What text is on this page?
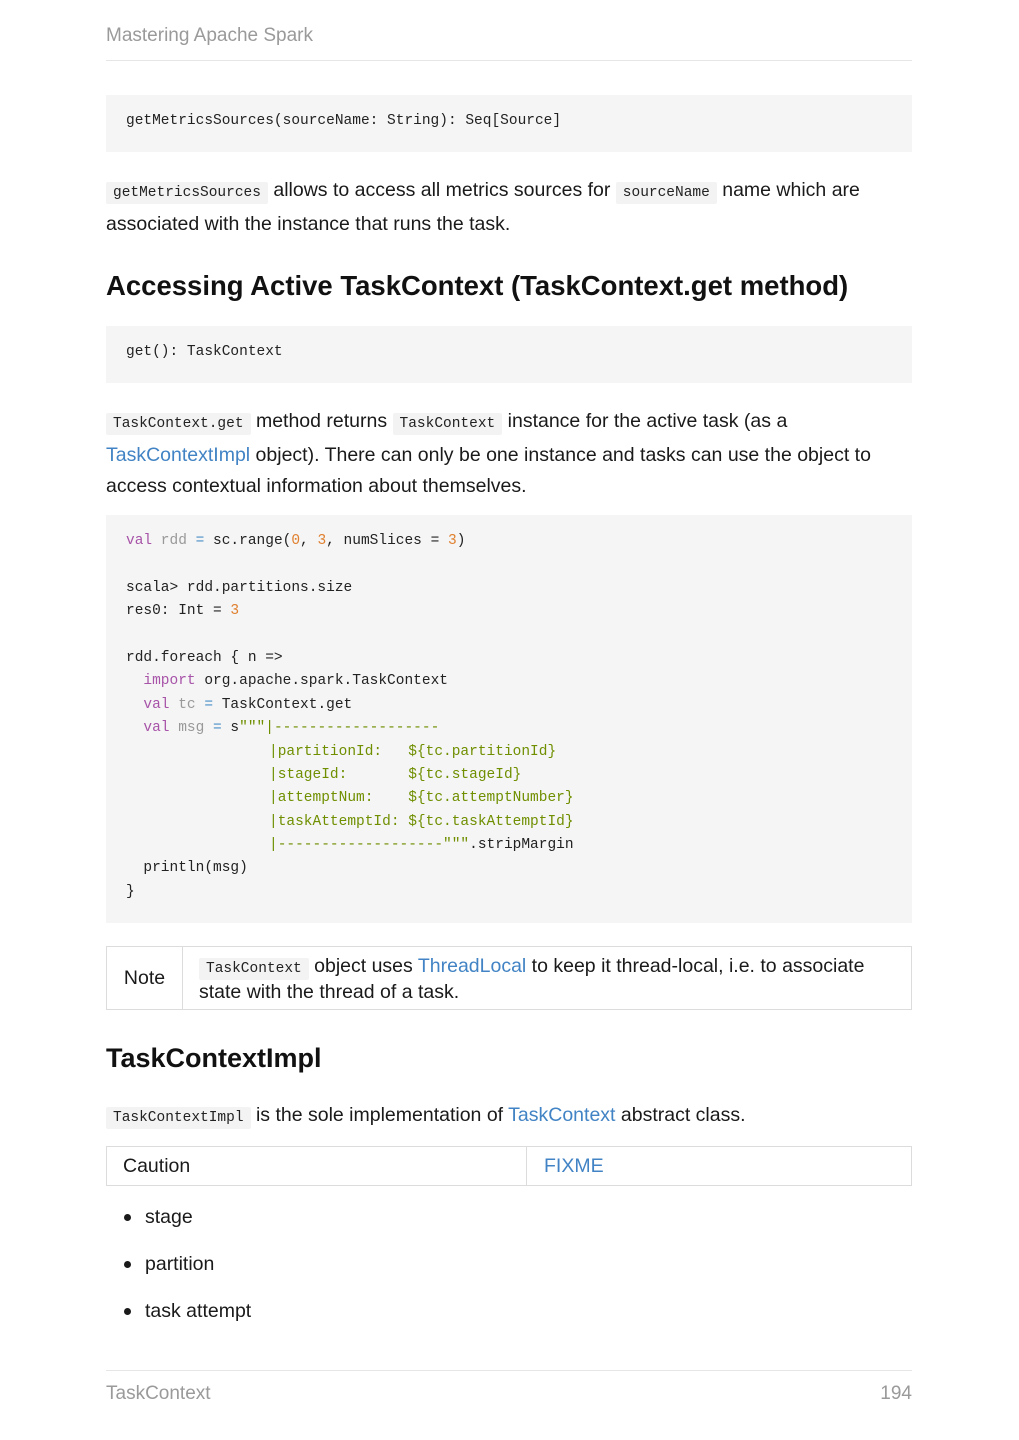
Mastering Apache Spark
getMetricsSources(sourceName: String): Seq[Source]
getMetricsSources allows to access all metrics sources for sourceName name which are associated with the instance that runs the task.
Accessing Active TaskContext (TaskContext.get method)
get(): TaskContext
TaskContext.get method returns TaskContext instance for the active task (as a TaskContextImpl object). There can only be one instance and tasks can use the object to access contextual information about themselves.
val rdd = sc.range(0, 3, numSlices = 3)
scala> rdd.partitions.size
res0: Int = 3
rdd.foreach { n =>
import org.apache.spark.TaskContext
val tc = TaskContext.get
val msg = s"""|-------------------
|partitionId:   ${tc.partitionId}
|stageId:       ${tc.stageId}
|attemptNum:    ${tc.attemptNumber}
|taskAttemptId: ${tc.taskAttemptId}
|-------------------""".stripMargin
println(msg)
}
Note	TaskContext object uses ThreadLocal to keep it thread-local, i.e. to associate state with the thread of a task.
TaskContextImpl
TaskContextImpl is the sole implementation of TaskContext abstract class.
Caution	FIXME
stage
partition
task attempt
TaskContext	194
